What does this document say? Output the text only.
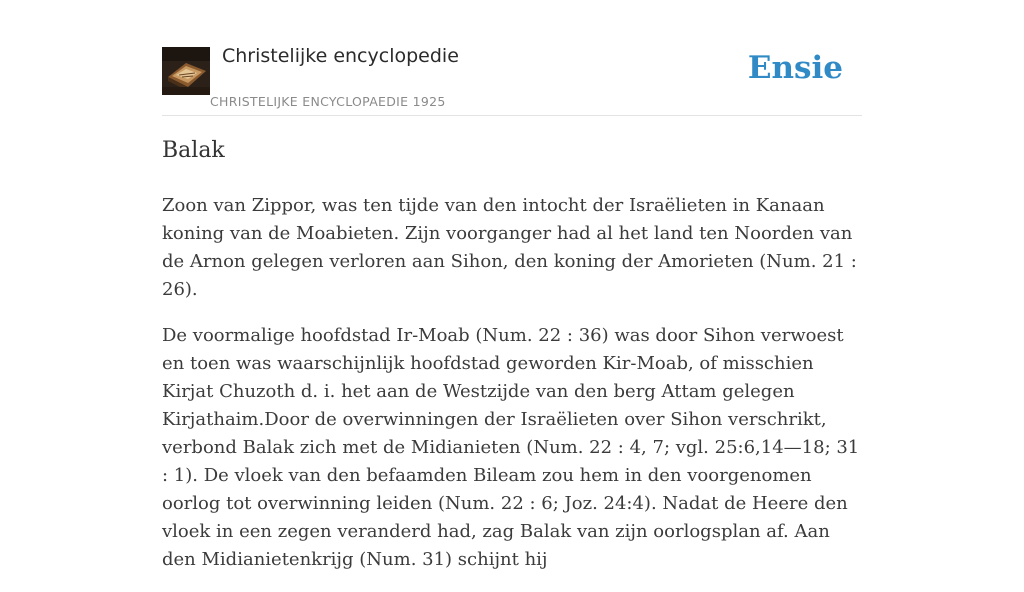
Christelijke encyclopedie
CHRISTELIJKE ENCYCLOPAEDIE 1925
Ensie
Balak

Zoon van Zippor, was ten tijde van den intocht der Israëlieten in Kanaan koning van de Moabieten. Zijn voorganger had al het land ten Noorden van de Arnon gelegen verloren aan Sihon, den koning der Amorieten (Num. 21 : 26).

De voormalige hoofdstad Ir-Moab (Num. 22 : 36) was door Sihon verwoest en toen was waarschijnlijk hoofdstad geworden Kir-Moab, of misschien Kirjat Chuzoth d. i. het aan de Westzijde van den berg Attam gelegen Kirjathaim.Door de overwinningen der Israëlieten over Sihon verschrikt, verbond Balak zich met de Midianieten (Num. 22 : 4, 7; vgl. 25:6,14—18; 31 : 1). De vloek van den befaamden Bileam zou hem in den voorgenomen oorlog tot overwinning leiden (Num. 22 : 6; Joz. 24:4). Nadat de Heere den vloek in een zegen veranderd had, zag Balak van zijn oorlogsplan af. Aan den Midianietenkrijg (Num. 31) schijnt hij
